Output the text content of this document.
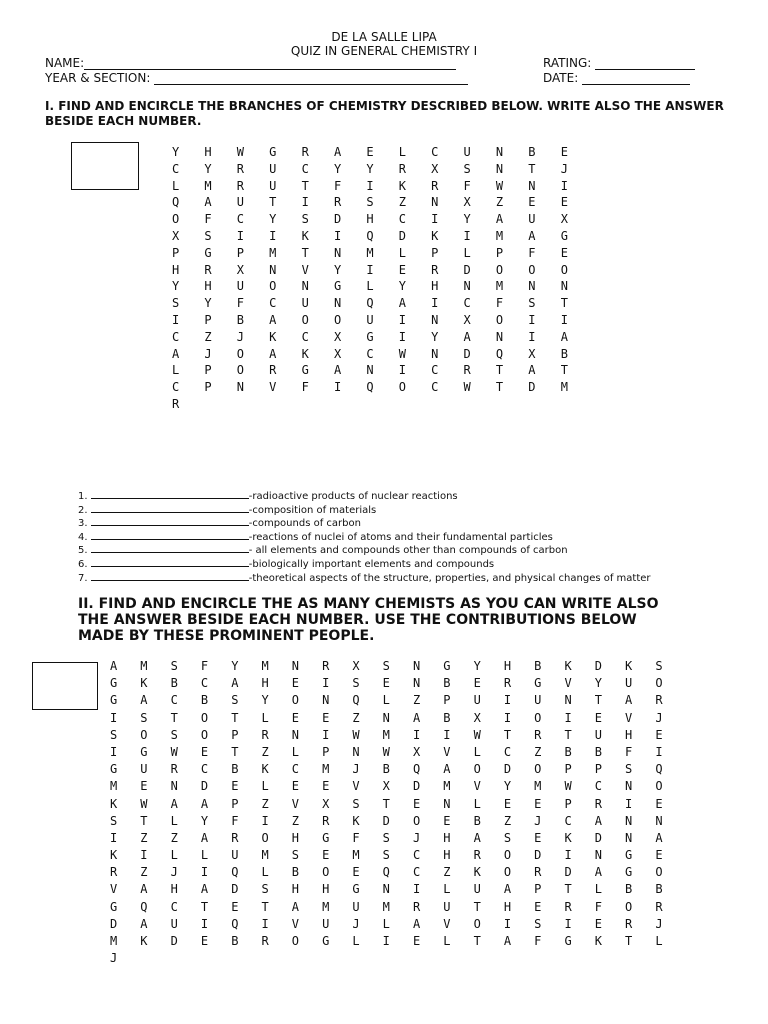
DE LA SALLE LIPA
QUIZ IN GENERAL CHEMISTRY I
NAME:	RATING:
YEAR & SECTION:	DATE:
I. FIND AND ENCIRCLE THE BRANCHES OF CHEMISTRY DESCRIBED BELOW. WRITE ALSO THE ANSWER BESIDE EACH NUMBER.
Y	H	W	G	R	A	E	L	C	U	N	B	E
C	Y	R	U	C	Y	Y	R	X	S	N	T	J
L	M	R	U	T	F	I	K	R	F	W	N	I
Q	A	U	T	I	R	S	Z	N	X	Z	E	E
O	F	C	Y	S	D	H	C	I	Y	A	U	X
X	S	I	I	K	I	Q	D	K	I	M	A	G
P	G	P	M	T	N	M	L	P	L	P	F	E
H	R	X	N	V	Y	I	E	R	D	O	O	O
Y	H	U	O	N	G	L	Y	H	N	M	N	N
S	Y	F	C	U	N	Q	A	I	C	F	S	T
I	P	B	A	O	O	U	I	N	X	O	I	I
C	Z	J	K	C	X	G	I	Y	A	N	I	A
A	J	O	A	K	X	C	W	N	D	Q	X	B
L	P	O	R	G	A	N	I	C	R	T	A	T
C	P	N	V	F	I	Q	O	C	W	T	D	M
R
1.	-radioactive products of nuclear reactions
2.	-composition of materials
3.	-compounds of carbon
4.	-reactions of nuclei of atoms and their fundamental particles
5.	- all elements and compounds other than compounds of carbon
6.	-biologically important elements and compounds
7.	-theoretical aspects of the structure, properties, and physical changes of matter
II. FIND AND ENCIRCLE THE AS MANY CHEMISTS AS YOU CAN WRITE ALSO THE ANSWER BESIDE EACH NUMBER. USE THE CONTRIBUTIONS BELOW MADE BY THESE PROMINENT PEOPLE.
A	M	S	F	Y	M	N	R	X	S	N	G	Y	H	B	K	D	K	S
G	K	B	C	A	H	E	I	S	E	N	B	E	R	G	V	Y	U	O
G	A	C	B	S	Y	O	N	Q	L	Z	P	U	I	U	N	T	A	R
I	S	T	O	T	L	E	E	Z	N	A	B	X	I	O	I	E	V	J
S	O	S	O	P	R	N	I	W	M	I	I	W	T	R	T	U	H	E
I	G	W	E	T	Z	L	P	N	W	X	V	L	C	Z	B	B	F	I
G	U	R	C	B	K	C	M	J	B	Q	A	O	D	O	P	P	S	Q
M	E	N	D	E	L	E	E	V	X	D	M	V	Y	M	W	C	N	O
K	W	A	A	P	Z	V	X	S	T	E	N	L	E	E	P	R	I	E
S	T	L	Y	F	I	Z	R	K	D	O	E	B	Z	J	C	A	N	N
I	Z	Z	A	R	O	H	G	F	S	J	H	A	S	E	K	D	N	A
K	I	L	L	U	M	S	E	M	S	C	H	R	O	D	I	N	G	E
R	Z	J	I	Q	L	B	O	E	Q	C	Z	K	O	R	D	A	G	O
V	A	H	A	D	S	H	H	G	N	I	L	U	A	P	T	L	B	B
G	Q	C	T	E	T	A	M	U	M	R	U	T	H	E	R	F	O	R
D	A	U	I	Q	I	V	U	J	L	A	V	O	I	S	I	E	R	J
M	K	D	E	B	R	O	G	L	I	E	L	T	A	F	G	K	T	L
J
